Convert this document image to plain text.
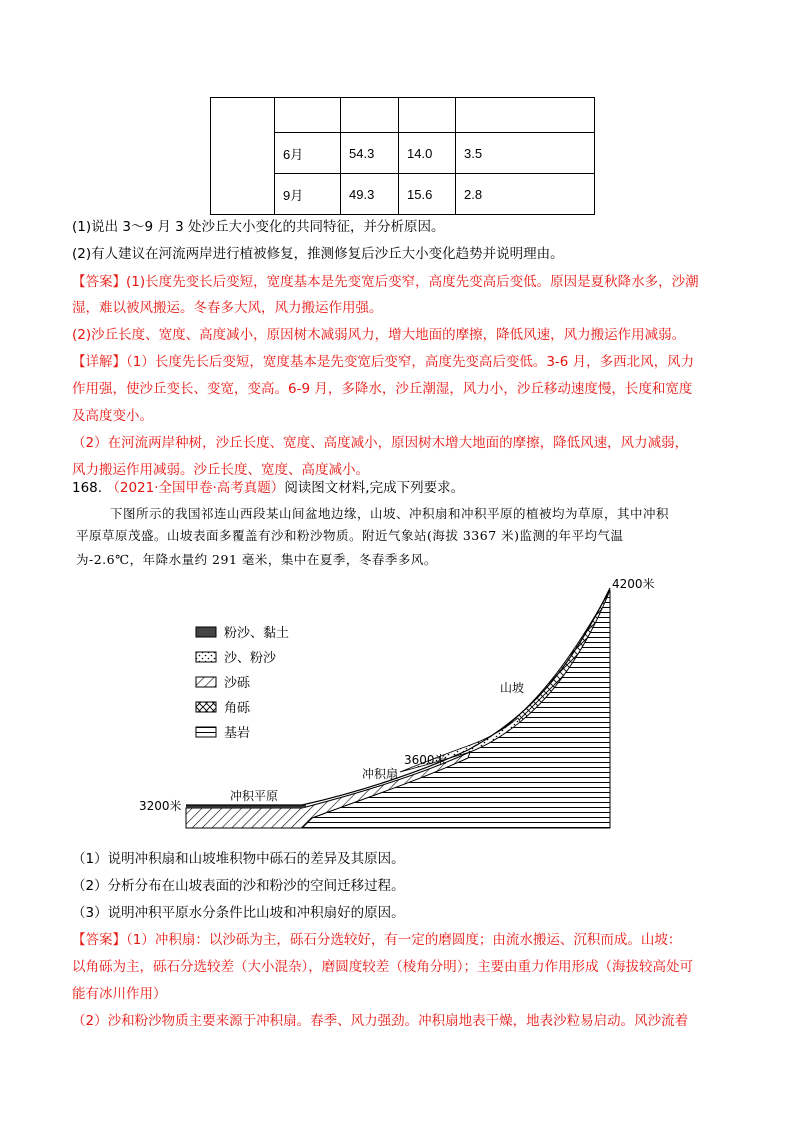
	6月	54.3	14.0	3.5
	9月	49.3	15.6	2.8
(1)说出 3～9 月 3 处沙丘大小变化的共同特征，并分析原因。
(2)有人建议在河流两岸进行植被修复，推测修复后沙丘大小变化趋势并说明理由。
【答案】(1)长度先变长后变短，宽度基本是先变宽后变窄，高度先变高后变低。原因是夏秋降水多，沙潮
湿，难以被风搬运。冬春多大风，风力搬运作用强。
(2)沙丘长度、宽度、高度减小，原因树木减弱风力，增大地面的摩擦，降低风速，风力搬运作用减弱。
【详解】（1）长度先长后变短，宽度基本是先变宽后变窄，高度先变高后变低。3-6 月，多西北风，风力
作用强，使沙丘变长、变宽，变高。6-9 月，多降水，沙丘潮湿，风力小，沙丘移动速度慢，长度和宽度
及高度变小。
（2）在河流两岸种树，沙丘长度、宽度、高度减小，原因树木增大地面的摩擦，降低风速，风力减弱，
风力搬运作用减弱。沙丘长度、宽度、高度减小。
168. （2021·全国甲卷·高考真题）阅读图文材料,完成下列要求。
下图所示的我国祁连山西段某山间盆地边缘，山坡、冲积扇和冲积平原的植被均为草原，其中冲积
平原草原茂盛。山坡表面多覆盖有沙和粉沙物质。附近气象站(海拔 3367 米)监测的年平均气温
为-2.6℃，年降水量约 291 毫米，集中在夏季，冬春季多风。
粉沙、黏土
沙、粉沙
沙砾
角砾
基岩
4200米
3600米
3200米
山坡
冲积扇
冲积平原
（1）说明冲积扇和山坡堆积物中砾石的差异及其原因。
（2）分析分布在山坡表面的沙和粉沙的空间迁移过程。
（3）说明冲积平原水分条件比山坡和冲积扇好的原因。
【答案】（1）冲积扇：以沙砾为主，砾石分选较好，有一定的磨圆度；由流水搬运、沉积而成。山坡：
以角砾为主，砾石分选较差（大小混杂），磨圆度较差（棱角分明）；主要由重力作用形成（海拔较高处可
能有冰川作用）
（2）沙和粉沙物质主要来源于冲积扇。春季、风力强劲。冲积扇地表干燥，地表沙粒易启动。风沙流着
